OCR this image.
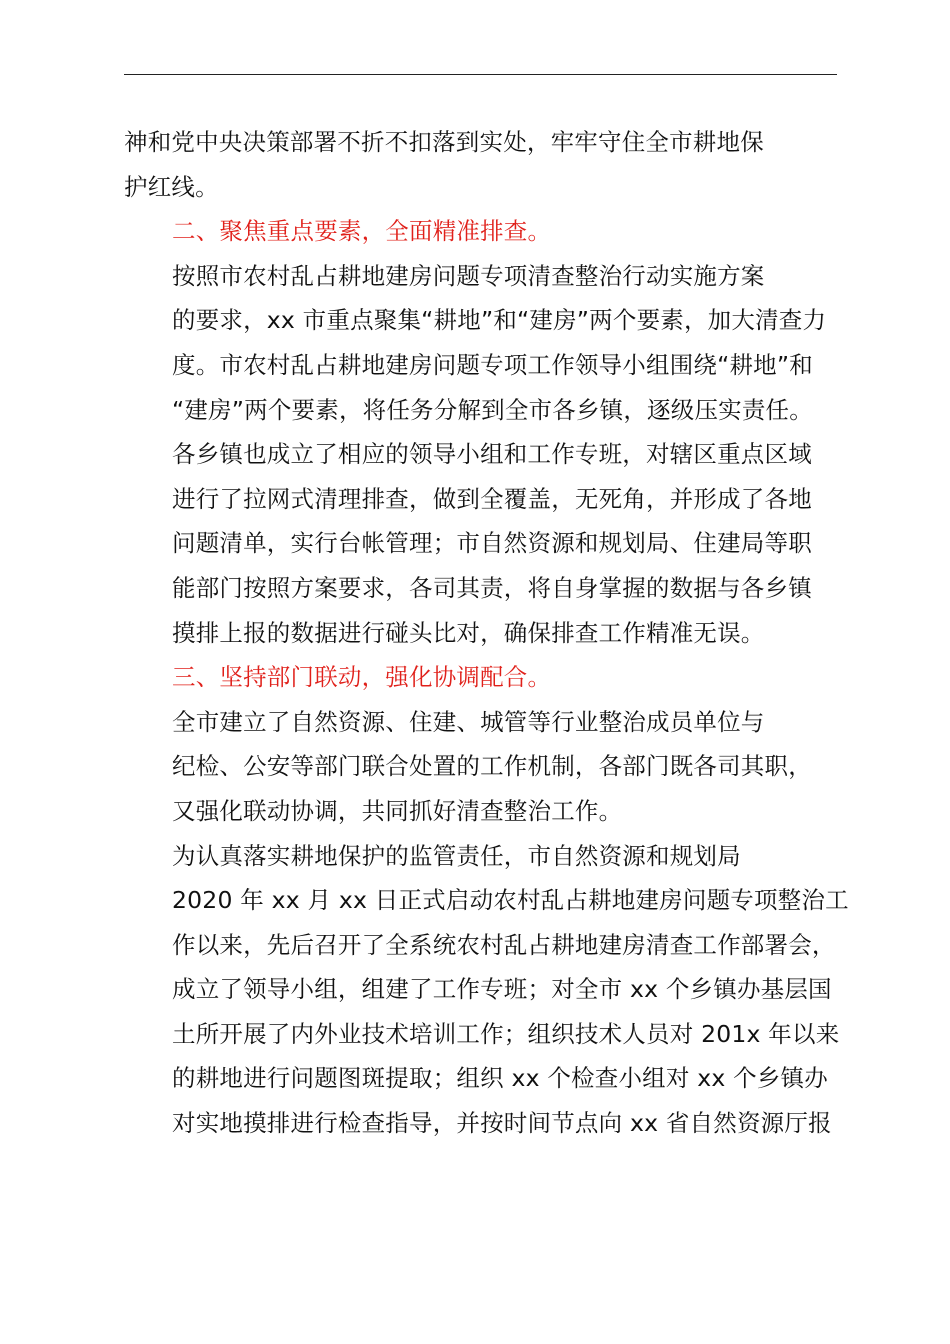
神和党中央决策部署不折不扣落到实处，牢牢守住全市耕地保
护红线。

二、聚焦重点要素，全面精准排查。

按照市农村乱占耕地建房问题专项清查整治行动实施方案
的要求，xx 市重点聚集“耕地”和“建房”两个要素，加大清查力
度。市农村乱占耕地建房问题专项工作领导小组围绕“耕地”和
“建房”两个要素，将任务分解到全市各乡镇，逐级压实责任。
各乡镇也成立了相应的领导小组和工作专班，对辖区重点区域
进行了拉网式清理排查，做到全覆盖，无死角，并形成了各地
问题清单，实行台帐管理；市自然资源和规划局、住建局等职
能部门按照方案要求，各司其责，将自身掌握的数据与各乡镇
摸排上报的数据进行碰头比对，确保排查工作精准无误。

三、坚持部门联动，强化协调配合。

全市建立了自然资源、住建、城管等行业整治成员单位与
纪检、公安等部门联合处置的工作机制，各部门既各司其职，
又强化联动协调，共同抓好清查整治工作。

为认真落实耕地保护的监管责任，市自然资源和规划局
2020 年 xx 月 xx 日正式启动农村乱占耕地建房问题专项整治工
作以来，先后召开了全系统农村乱占耕地建房清查工作部署会，
成立了领导小组，组建了工作专班；对全市 xx 个乡镇办基层国
土所开展了内外业技术培训工作；组织技术人员对 201x 年以来
的耕地进行问题图斑提取；组织 xx 个检查小组对 xx 个乡镇办
对实地摸排进行检查指导，并按时间节点向 xx 省自然资源厅报
